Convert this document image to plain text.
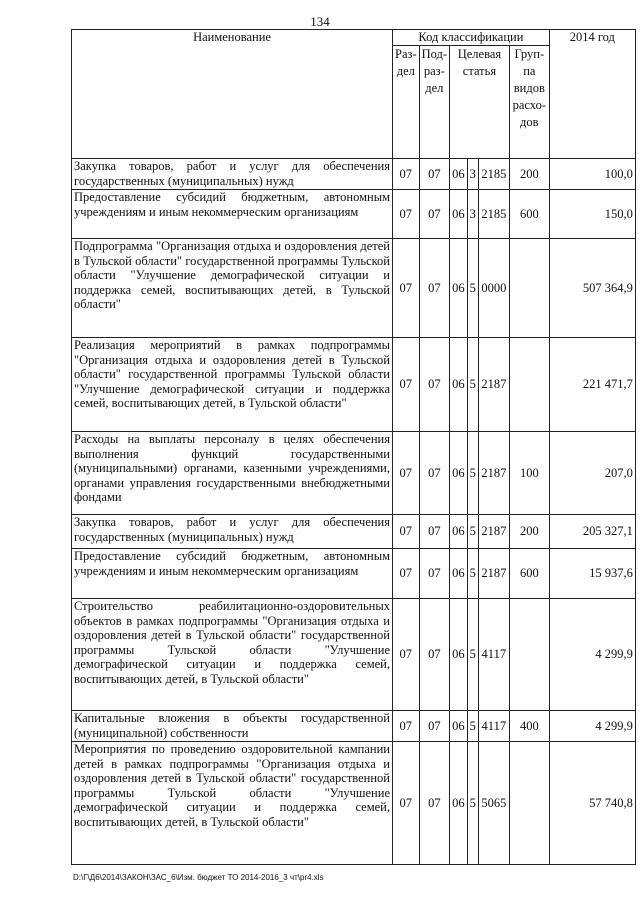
134
Наименование	Код классификации						2014 год
	Раз-дел	Под-раз-дел	Целевая статья			Груп-па видов расхо-дов	

Закупка товаров, работ и услуг для обеспечения государственных (муниципальных) нужд	07	07	06	3	2185	200	100,0
Предоставление субсидий бюджетным, автономным учреждениям и иным некоммерческим организациям	07	07	06	3	2185	600	150,0
Подпрограмма "Организация отдыха и оздоровления детей в Тульской области" государственной программы Тульской области "Улучшение демографической ситуации и поддержка семей, воспитывающих детей, в Тульской области"	07	07	06	5	0000		507 364,9
Реализация мероприятий в рамках подпрограммы "Организация отдыха и оздоровления детей в Тульской области" государственной программы Тульской области "Улучшение демографической ситуации и поддержка семей, воспитывающих детей, в Тульской области"	07	07	06	5	2187		221 471,7
Расходы на выплаты персоналу в целях обеспечения выполнения функций государственными (муниципальными) органами, казенными учреждениями, органами управления государственными внебюджетными фондами	07	07	06	5	2187	100	207,0
Закупка товаров, работ и услуг для обеспечения государственных (муниципальных) нужд	07	07	06	5	2187	200	205 327,1
Предоставление субсидий бюджетным, автономным учреждениям и иным некоммерческим организациям	07	07	06	5	2187	600	15 937,6
Строительство реабилитационно-оздоровительных объектов в рамках подпрограммы "Организация отдыха и оздоровления детей в Тульской области" государственной программы Тульской области "Улучшение демографической ситуации и поддержка семей, воспитывающих детей, в Тульской области"	07	07	06	5	4117		4 299,9
Капитальные вложения в объекты государственной (муниципальной) собственности	07	07	06	5	4117	400	4 299,9
Мероприятия по проведению оздоровительной кампании детей в рамках подпрограммы "Организация отдыха и оздоровления детей в Тульской области" государственной программы Тульской области "Улучшение демографической ситуации и поддержка семей, воспитывающих детей, в Тульской области"	07	07	06	5	5065		57 740,8
D:\Г\Д6\2014\ЗАКОН\ЗАС_6\Изм. бюджет ТО 2014-2016_3 чт\pr4.xls
